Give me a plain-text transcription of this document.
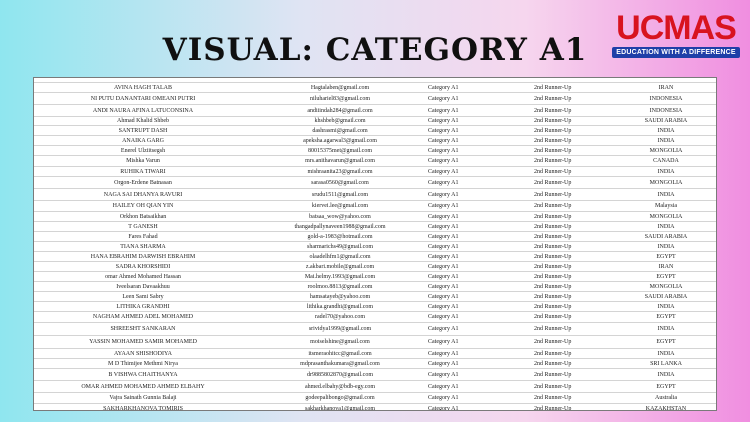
VISUAL: CATEGORY A1
UCMAS
EDUCATION WITH A DIFFERENCE
AVINA HAGH TALAB	Hagtalaben@gmail.com	Category A1	2nd Runner-Up	IRAN
NI PUTU DANANTARI OMEANI PUTRI	niluhariel83@gmail.com	Category A1	2nd Runner-Up	INDONESIA
ANDI NAURA AFINA LATUCONSINA	andiiindah284@gmail.com	Category A1	2nd Runner-Up	INDONESIA
Ahmad Khalid Shbeb	khshbeb@gmail.com	Category A1	2nd Runner-Up	SAUDI ARABIA
SANTRUPT DASH	dashrasmi@gmail.com	Category A1	2nd Runner-Up	INDIA
ANAIKA GARG	apeksha.agarwal3@gmail.com	Category A1	2nd Runner-Up	INDIA
Enerel Ulziitsegsh	80015375met@gmail.com	Category A1	2nd Runner-Up	MONGOLIA
Mishka Varun	mrs.anithavarun@gmail.com	Category A1	2nd Runner-Up	CANADA
RUHIKA TIWARI	mishraanita23@gmail.com	Category A1	2nd Runner-Up	INDIA
Orgon-Erdene Batnasan	sarasa0560@gmail.com	Category A1	2nd Runner-Up	MONGOLIA
NAGA SAI DHANYA RAVURI	srudu1511@gmail.com	Category A1	2nd Runner-Up	INDIA
HAILEY OH QIAN YIN	kiervei.lee@gmail.com	Category A1	2nd Runner-Up	Malaysia
Orkhon Batsaikhan	batsaa_wow@yahoo.com	Category A1	2nd Runner-Up	MONGOLIA
T GANESH	thangadpallynaveen1988@gmail.com	Category A1	2nd Runner-Up	INDIA
Fares Fahad	gold-a-1983@hotmail.com	Category A1	2nd Runner-Up	SAUDI ARABIA
TIANA SHARMA	sharmarichs49@gmail.com	Category A1	2nd Runner-Up	INDIA
HANA EBRAHIM DARWISH EBRAHIM	olaadelhfm1@gmail.com	Category A1	2nd Runner-Up	EGYPT
SADRA KHORSHIDI	z.akbari.mobile@gmail.com	Category A1	2nd Runner-Up	IRAN
omar Ahmed Mohamed Hassan	Mai.helmy.1993@gmail.com	Category A1	2nd Runner-Up	EGYPT
Iveelsaran Davaakhuu	roolmoo.8813@gmail.com	Category A1	2nd Runner-Up	MONGOLIA
Leen Sami Sabry	hamsatayeb@yahoo.com	Category A1	2nd Runner-Up	SAUDI ARABIA
LITHIKA GRANDHI	lithika.grandhi@gmail.com	Category A1	2nd Runner-Up	INDIA
NAGHAM AHMED ADEL MOHAMED	radel70@yahoo.com	Category A1	2nd Runner-Up	EGYPT
SHREESHT SANKARAN	srividya1999@gmail.com	Category A1	2nd Runner-Up	INDIA
YASSIN MOHAMED SAMIR MOHAMED	moiselshine@gmail.com	Category A1	2nd Runner-Up	EGYPT
AYAAN SHISHODIYA	itsmeraohitcc@gmail.com	Category A1	2nd Runner-Up	INDIA
M D Thimijee Methmi Nirya	mdprasanthakumara@gmail.com	Category A1	2nd Runner-Up	SRI LANKA
B VISHWA CHAITHANYA	dr9885802870@gmail.com	Category A1	2nd Runner-Up	INDIA
OMAR AHMED MOHAMED AHMED ELBAHY	ahmed.elbahy@bdb-egy.com	Category A1	2nd Runner-Up	EGYPT
Vajra Sainath Gunnia Balaji	godeepalibongo@gmail.com	Category A1	2nd Runner-Up	Australia
SAKHARKHANOVA TOMIRIS	sakharkhanova1@gmail.com	Category A1	2nd Runner-Up	KAZAKHSTAN
